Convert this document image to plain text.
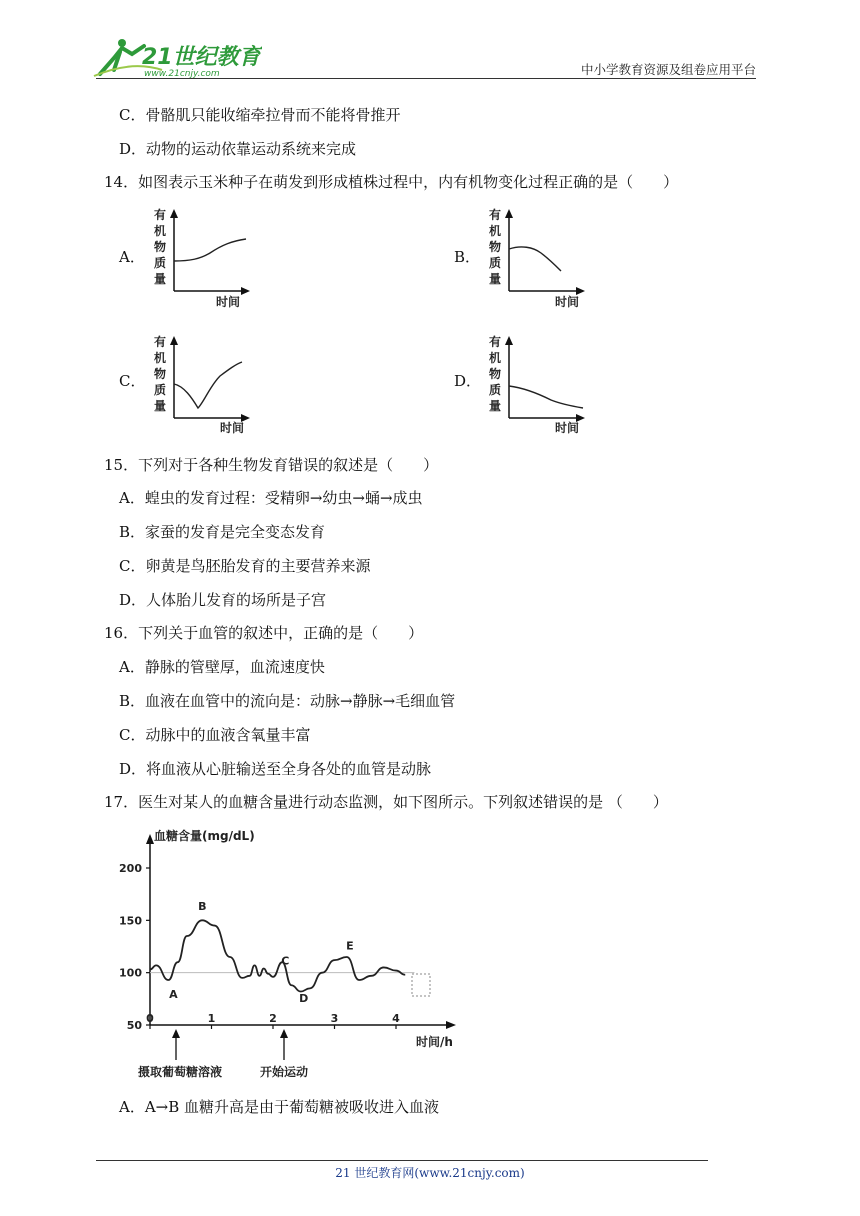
21世纪教育
www.21cnjy.com	中小学教育资源及组卷应用平台
C．骨骼肌只能收缩牵拉骨而不能将骨推开
D．动物的运动依靠运动系统来完成
14．如图表示玉米种子在萌发到形成植株过程中，内有机物变化过程正确的是（　　）
A．	B．
C．	D．
有
机
物
质
量
时间
有
机
物
质
量
时间
有
机
物
质
量
时间
有
机
物
质
量
时间
15．下列对于各种生物发育错误的叙述是（　　）
A．蝗虫的发育过程：受精卵→幼虫→蛹→成虫
B．家蚕的发育是完全变态发育
C．卵黄是鸟胚胎发育的主要营养来源
D．人体胎儿发育的场所是子宫
16．下列关于血管的叙述中，正确的是（　　）
A．静脉的管壁厚，血流速度快
B．血液在血管中的流向是：动脉→静脉→毛细血管
C．动脉中的血液含氧量丰富
D．将血液从心脏输送至全身各处的血管是动脉
17．医生对某人的血糖含量进行动态监测，如下图所示。下列叙述错误的是 （　　）
血糖含量(mg/dL)
时间/h
50
100
150
200
0	1	2	3	4
A
B
C
D
E
摄取葡萄糖溶液	开始运动
A．A→B 血糖升高是由于葡萄糖被吸收进入血液
21 世纪教育网(www.21cnjy.com)
